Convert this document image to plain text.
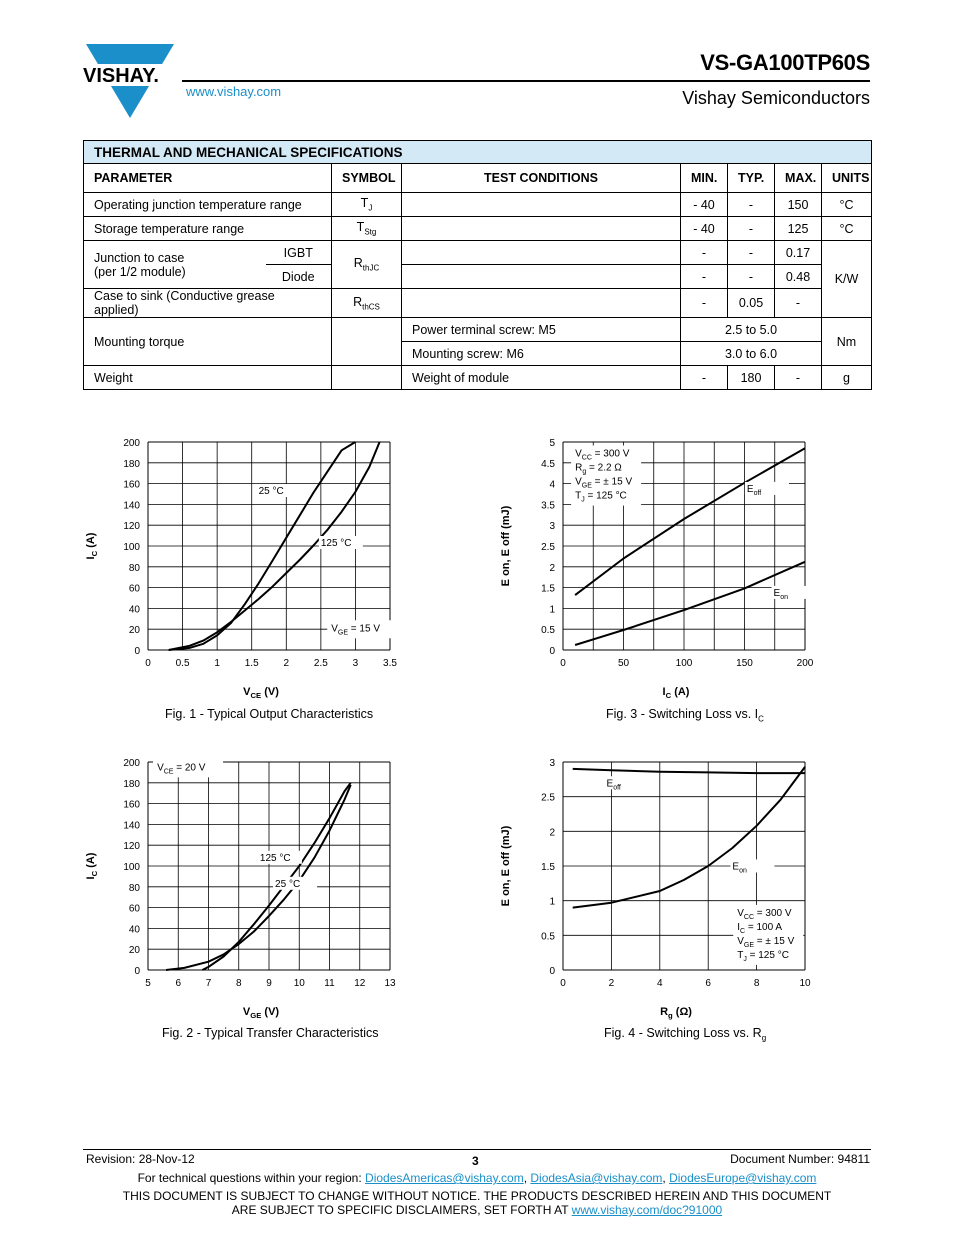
VISHAY.
VS-GA100TP60S
www.vishay.com	Vishay Semiconductors
THERMAL AND MECHANICAL SPECIFICATIONS							
PARAMETER		SYMBOL	TEST CONDITIONS	MIN.	TYP.	MAX.	UNITS
Operating junction temperature range		$T_J$		- 40	-	150	°C
Storage temperature range		$T_{Stg}$		- 40	-	125	°C

Junction to case
(per 1/2 module)	IGBT	$R_{thJC}$		-	-	0.17	K/W
	Diode			-	-	0.48	
Case to sink (Conductive grease applied)		$R_{thCS}$		-	0.05	-	
Mounting torque			Power terminal screw: M5	2.5 to 5.0			Nm
			Mounting screw: M6	3.0 to 6.0			
Weight			Weight of module	-	180	-	g
0 0.5 1 1.5 2 2.5 3 3.5
0
20
40
60
80
100
120
140
160
180
200
$V_{CE}$ (V)
$I_C$ (A)
25 °C
125 °C
$V_{GE} = 15$ V
0	50	100	150	200
0
0.5
1
1.5
2
2.5
3
3.5
4
4.5
5
$I_C$ (A)
E on, E off (mJ)
$E_{off}$
$E_{on}$
$V_{CC} = 300$ V
$R_g = 2.2$ Ω
$V_{GE}$ = ± 15 V
$T_J = 125$ °C
5 6 7 8 9 10 11 12 13
0
20
40
60
80
100
120
140
160
180
200
$V_{GE}$ (V)
$I_C$ (A)	125 °C
25 °C
$V_{CE} = 20$ V
0	2	4	6	8	10
0
0.5
1
1.5
2
2.5
3
$R_g$ (Ω)
E on, E off (mJ)
$E_{off}$
$E_{on}$
$V_{CC} = 300$ V
$I_C = 100$ A
$V_{GE}$ = ± 15 V
$T_J = 125$ °C
Fig. 1 - Typical Output Characteristics	Fig. 3 - Switching Loss vs. $I_C$
Fig. 2 - Typical Transfer Characteristics	Fig. 4 - Switching Loss vs. $R_g$
Revision: 28-Nov-12	3	Document Number: 94811
For technical questions within your region: DiodesAmericas@vishay.com, DiodesAsia@vishay.com, DiodesEurope@vishay.com
THIS DOCUMENT IS SUBJECT TO CHANGE WITHOUT NOTICE. THE PRODUCTS DESCRIBED HEREIN AND THIS DOCUMENT
ARE SUBJECT TO SPECIFIC DISCLAIMERS, SET FORTH AT www.vishay.com/doc?91000
